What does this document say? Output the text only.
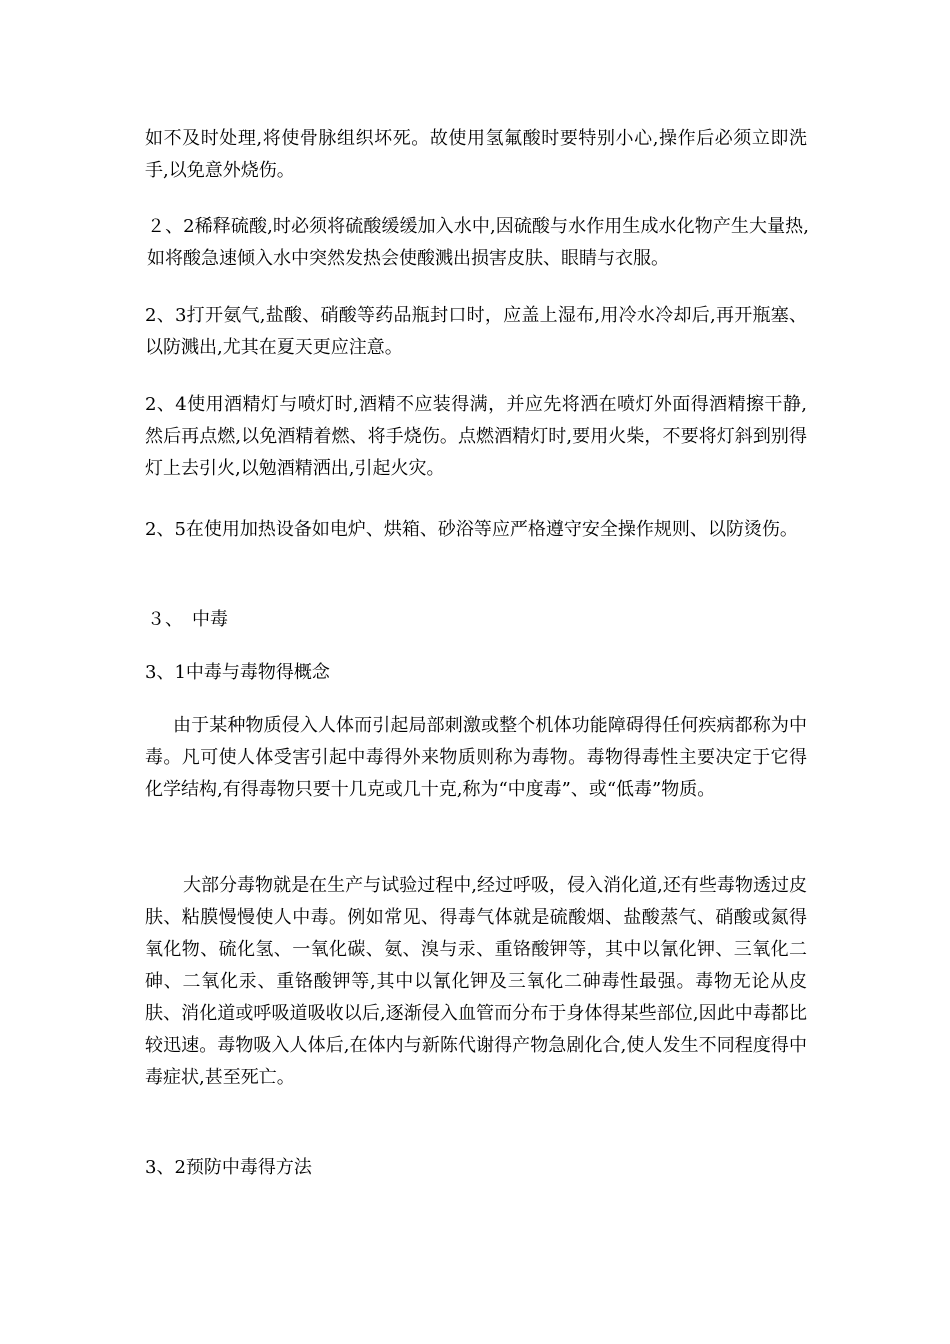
如不及时处理,将使骨脉组织坏死。故使用氢氟酸时要特别小心,操作后必须立即洗手,以免意外烧伤。

２、2稀释硫酸,时必须将硫酸缓缓加入水中,因硫酸与水作用生成水化物产生大量热,如将酸急速倾入水中突然发热会使酸溅出损害皮肤、眼睛与衣服。

2、3打开氨气,盐酸、硝酸等药品瓶封口时，应盖上湿布,用冷水冷却后,再开瓶塞、以防溅出,尤其在夏天更应注意。

2、4使用酒精灯与喷灯时,酒精不应装得满，并应先将洒在喷灯外面得酒精擦干静,然后再点燃,以免酒精着燃、将手烧伤。点燃酒精灯时,要用火柴，不要将灯斜到别得灯上去引火,以勉酒精洒出,引起火灾。

2、5在使用加热设备如电炉、烘箱、砂浴等应严格遵守安全操作规则、以防烫伤。

３、　中毒

3、1中毒与毒物得概念

由于某种物质侵入人体而引起局部刺激或整个机体功能障碍得任何疾病都称为中毒。凡可使人体受害引起中毒得外来物质则称为毒物。毒物得毒性主要决定于它得化学结构,有得毒物只要十几克或几十克,称为“中度毒”、或“低毒”物质。

大部分毒物就是在生产与试验过程中,经过呼吸，侵入消化道,还有些毒物透过皮肤、粘膜慢慢使人中毒。例如常见、得毒气体就是硫酸烟、盐酸蒸气、硝酸或氮得氧化物、硫化氢、一氧化碳、氨、溴与汞、重铬酸钾等，其中以氰化钾、三氧化二砷、二氧化汞、重铬酸钾等,其中以氰化钾及三氧化二砷毒性最强。毒物无论从皮肤、消化道或呼吸道吸收以后,逐渐侵入血管而分布于身体得某些部位,因此中毒都比较迅速。毒物吸入人体后,在体内与新陈代谢得产物急剧化合,使人发生不同程度得中毒症状,甚至死亡。

3、2预防中毒得方法
